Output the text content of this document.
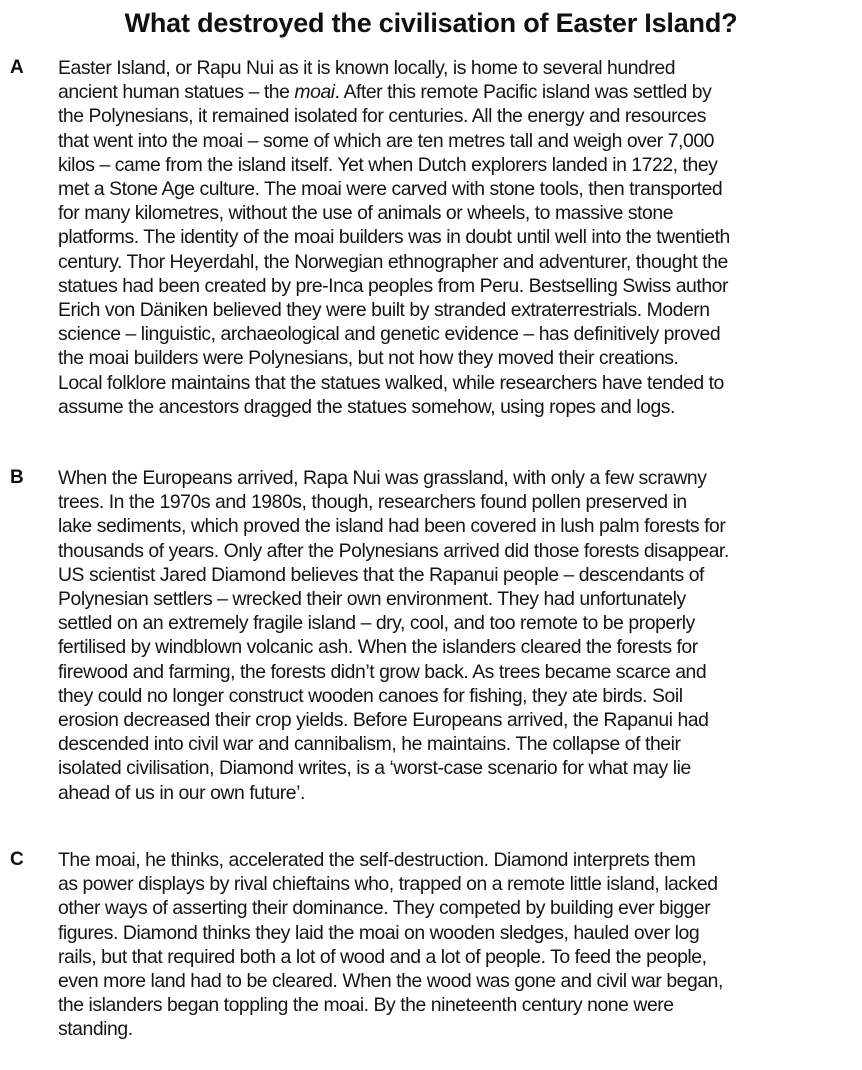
What destroyed the civilisation of Easter Island?
A Easter Island, or Rapu Nui as it is known locally, is home to several hundred
ancient human statues – the moai. After this remote Pacific island was settled by
the Polynesians, it remained isolated for centuries. All the energy and resources
that went into the moai – some of which are ten metres tall and weigh over 7,000
kilos – came from the island itself. Yet when Dutch explorers landed in 1722, they
met a Stone Age culture. The moai were carved with stone tools, then transported
for many kilometres, without the use of animals or wheels, to massive stone
platforms. The identity of the moai builders was in doubt until well into the twentieth
century. Thor Heyerdahl, the Norwegian ethnographer and adventurer, thought the
statues had been created by pre-Inca peoples from Peru. Bestselling Swiss author
Erich von Däniken believed they were built by stranded extraterrestrials. Modern
science – linguistic, archaeological and genetic evidence – has definitively proved
the moai builders were Polynesians, but not how they moved their creations.
Local folklore maintains that the statues walked, while researchers have tended to
assume the ancestors dragged the statues somehow, using ropes and logs.
B When the Europeans arrived, Rapa Nui was grassland, with only a few scrawny
trees. In the 1970s and 1980s, though, researchers found pollen preserved in
lake sediments, which proved the island had been covered in lush palm forests for
thousands of years. Only after the Polynesians arrived did those forests disappear.
US scientist Jared Diamond believes that the Rapanui people – descendants of
Polynesian settlers – wrecked their own environment. They had unfortunately
settled on an extremely fragile island – dry, cool, and too remote to be properly
fertilised by windblown volcanic ash. When the islanders cleared the forests for
firewood and farming, the forests didn’t grow back. As trees became scarce and
they could no longer construct wooden canoes for fishing, they ate birds. Soil
erosion decreased their crop yields. Before Europeans arrived, the Rapanui had
descended into civil war and cannibalism, he maintains. The collapse of their
isolated civilisation, Diamond writes, is a ‘worst-case scenario for what may lie
ahead of us in our own future’.
C The moai, he thinks, accelerated the self-destruction. Diamond interprets them
as power displays by rival chieftains who, trapped on a remote little island, lacked
other ways of asserting their dominance. They competed by building ever bigger
figures. Diamond thinks they laid the moai on wooden sledges, hauled over log
rails, but that required both a lot of wood and a lot of people. To feed the people,
even more land had to be cleared. When the wood was gone and civil war began,
the islanders began toppling the moai. By the nineteenth century none were
standing.
